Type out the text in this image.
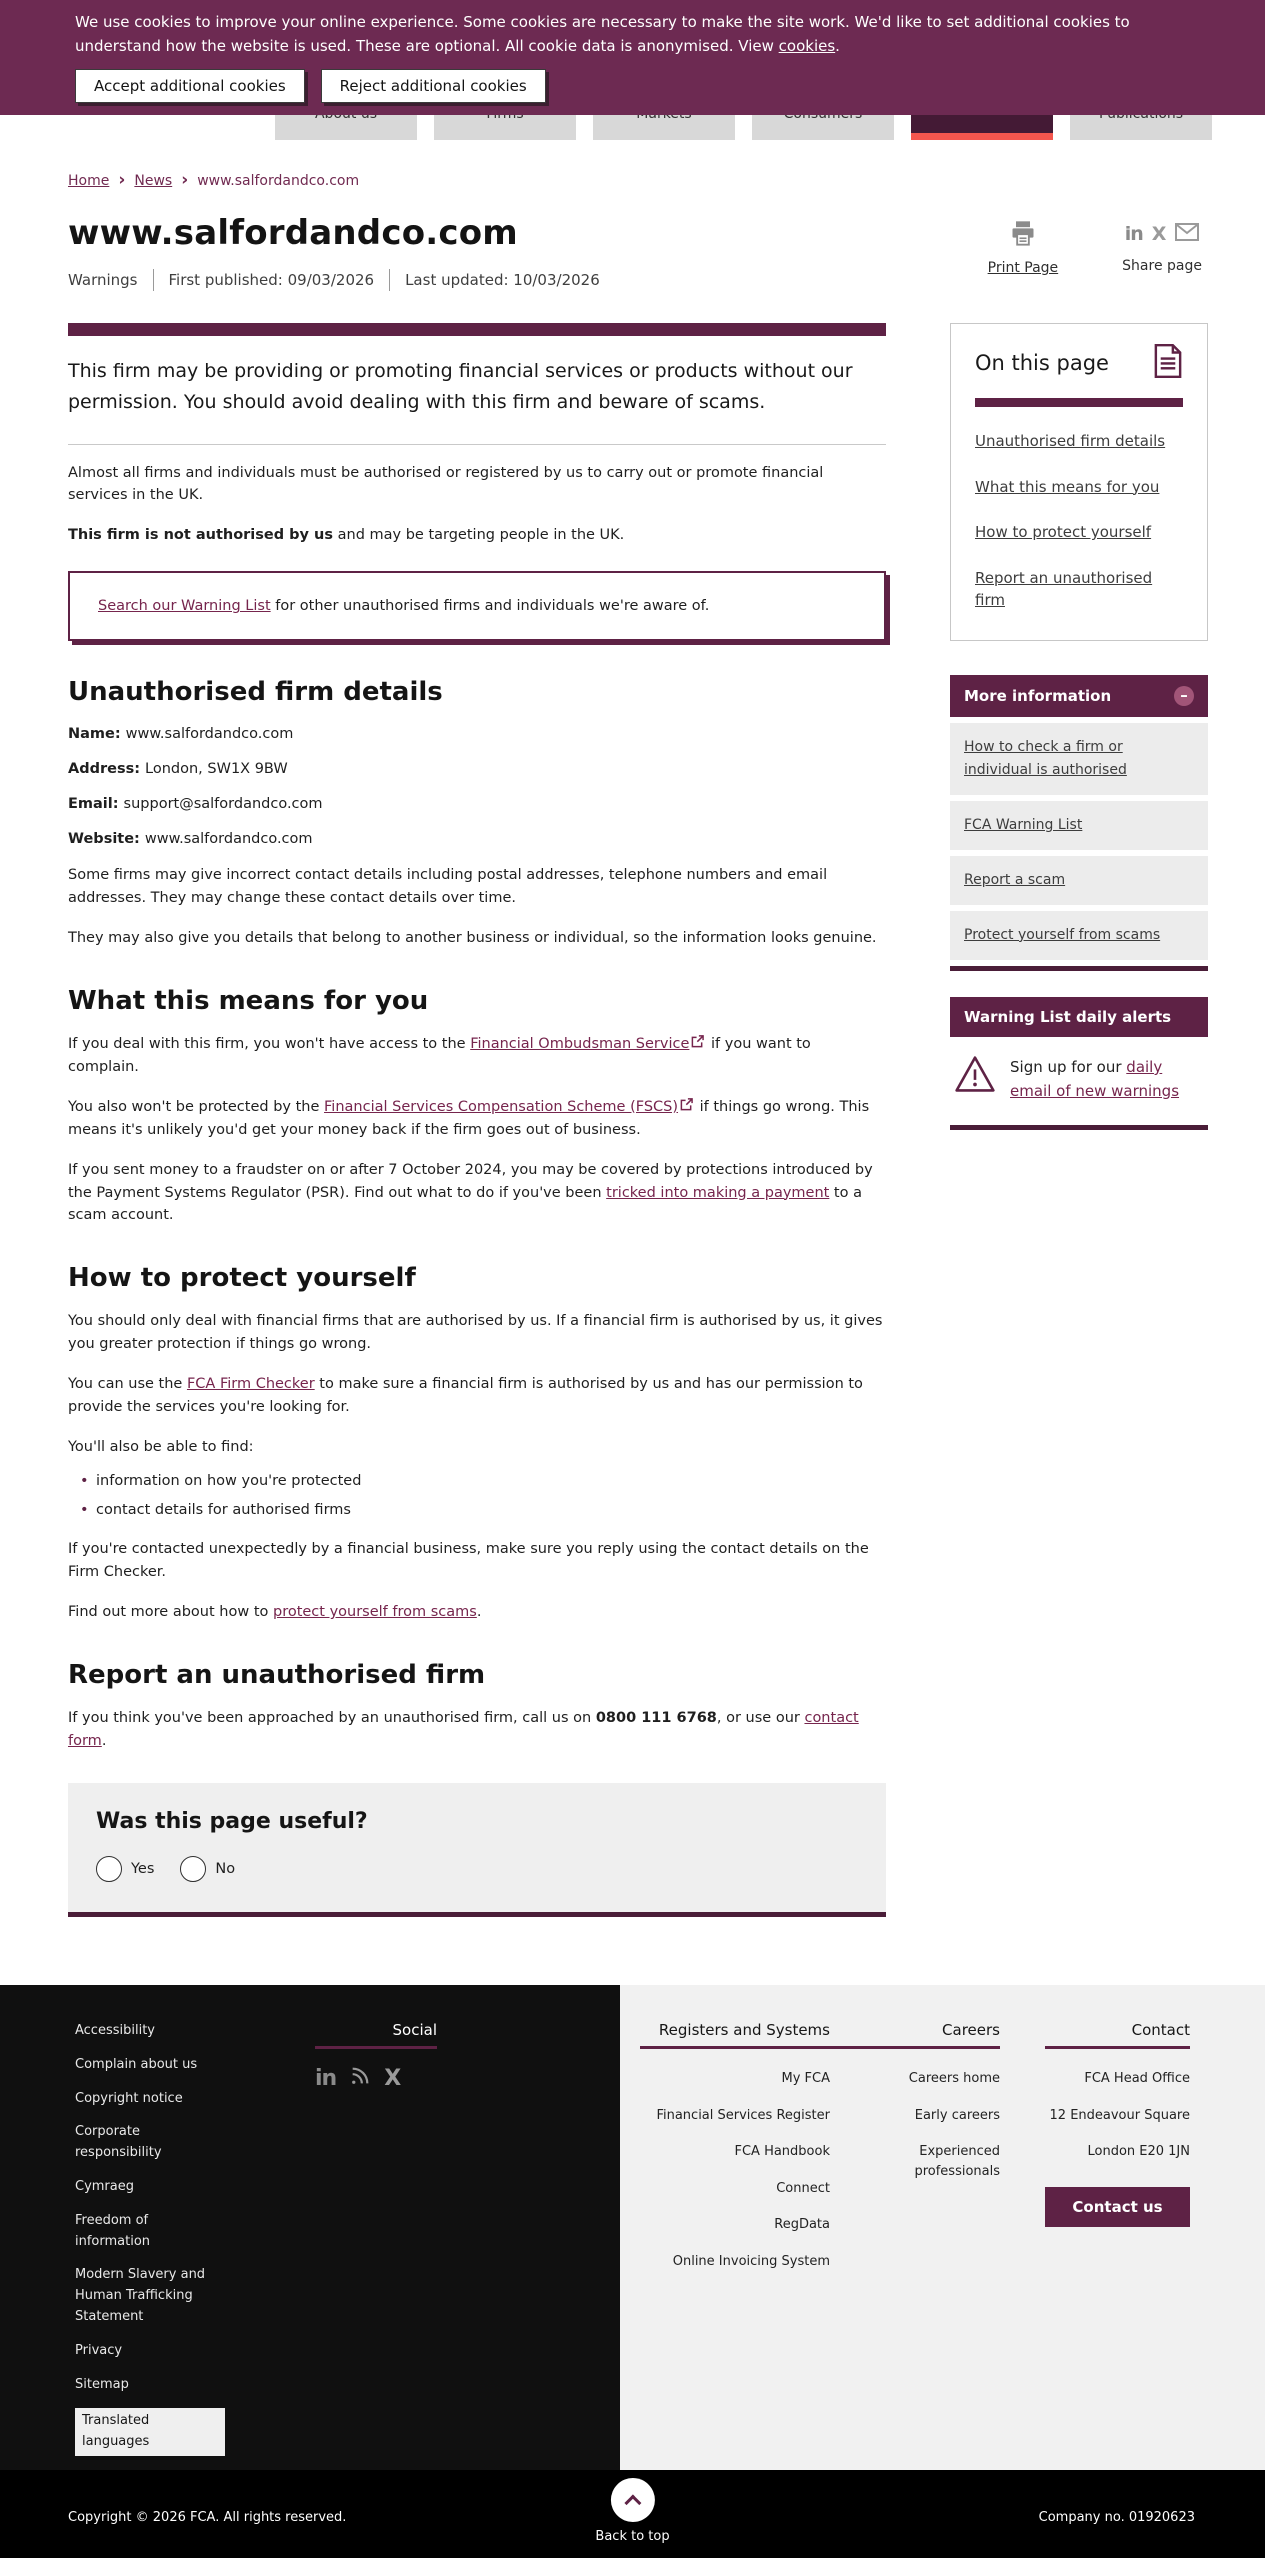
We use cookies to improve your online experience. Some cookies are necessary to make the site work. We'd like to set additional cookies to understand how the website is used. These are optional. All cookie data is anonymised. View cookies.
Accept additional cookies	Reject additional cookies
Home › News › www.salfordandco.com
www.salfordandco.com
Warnings First published: 09/03/2026 Last updated: 10/03/2026
Print Page
in X
Share page
This firm may be providing or promoting financial services or products without our permission. You should avoid dealing with this firm and beware of scams.

Almost all firms and individuals must be authorised or registered by us to carry out or promote financial services in the UK.

This firm is not authorised by us and may be targeting people in the UK.

Search our Warning List for other unauthorised firms and individuals we're aware of.
Unauthorised firm details
Name: www.salfordandco.com
Address: London, SW1X 9BW
Email: support@salfordandco.com
Website: www.salfordandco.com

Some firms may give incorrect contact details including postal addresses, telephone numbers and email addresses. They may change these contact details over time.

They may also give you details that belong to another business or individual, so the information looks genuine.

What this means for you

If you deal with this firm, you won't have access to the Financial Ombudsman Service if you want to complain.

You also won't be protected by the Financial Services Compensation Scheme (FSCS) if things go wrong. This means it's unlikely you'd get your money back if the firm goes out of business.

If you sent money to a fraudster on or after 7 October 2024, you may be covered by protections introduced by the Payment Systems Regulator (PSR). Find out what to do if you've been tricked into making a payment to a scam account.

How to protect yourself

You should only deal with financial firms that are authorised by us. If a financial firm is authorised by us, it gives you greater protection if things go wrong.

You can use the FCA Firm Checker to make sure a financial firm is authorised by us and has our permission to provide the services you're looking for.

You'll also be able to find:

• information on how you're protected
• contact details for authorised firms

If you're contacted unexpectedly by a financial business, make sure you reply using the contact details on the Firm Checker.

Find out more about how to protect yourself from scams.

Report an unauthorised firm

If you think you've been approached by an unauthorised firm, call us on 0800 111 6768, or use our contact form.

Was this page useful?
Yes	No
On this page
Unauthorised firm details
What this means for you
How to protect yourself
Report an unauthorised firm
More information	–
How to check a firm or individual is authorised
FCA Warning List
Report a scam
Protect yourself from scams
Warning List daily alerts
Sign up for our daily email of new warnings
Accessibility
Complain about us
Copyright notice
Corporate responsibility
Cymraeg
Freedom of information
Modern Slavery and Human Trafficking Statement
Privacy
Sitemap
Translated languages
Social
in X
Registers and Systems
My FCA
Financial Services Register
FCA Handbook
Connect
RegData
Online Invoicing System
Careers
Careers home
Early careers
Experienced professionals
Contact
FCA Head Office
12 Endeavour Square
London E20 1JN
Contact us
Copyright © 2026 FCA. All rights reserved.
Back to top
Company no. 01920623
